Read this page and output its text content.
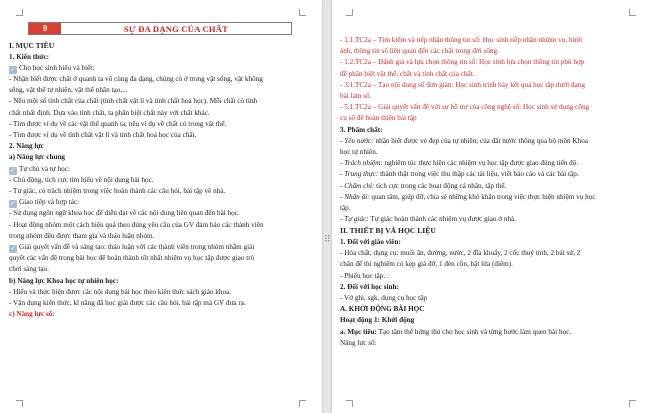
9	SỰ ĐA DẠNG CỦA CHẤT
I. MỤC TIÊU
1. Kiến thức:
✓ Cho học sinh hiểu và biết:
- Nhận biết được chất ở quanh ta vô cùng đa dạng, chúng có ở trong vật sống, vật không
sống, vật thể tự nhiên, vật thể nhân tạo,...
- Nêu một số tính chất của chất (tính chất vật lí và tính chất hoá học). Mỗi chất có tính
chất nhất định. Dựa vào tính chất, ta phân biệt chất này với chất khác.
- Tìm được ví dụ về các vật thể quanh ta, nêu ví dụ về chất có trong vật thể.
- Tìm được ví dụ về tính chất vật lí và tính chất hoá học của chất.
2. Năng lực
a) Năng lực chung
✓ Tự chủ và tự học:
- Chủ động, tích cực tìm hiểu về nội dung bài học.
- Tự giác, có trách nhiệm trong việc hoàn thành các câu hỏi, bài tập về nhà.
✓ Giao tiếp và hợp tác:
- Sử dụng ngôn ngữ khoa học để diễn đạt về các nội dung liên quan đến bài học.
- Hoạt động nhóm một cách hiệu quả theo đúng yêu cầu của GV đảm bảo các thành viên
trong nhóm đều được tham gia và thảo luận nhóm.
✓ Giải quyết vấn đề và sáng tạo: thảo luận với các thành viên trong nhóm nhằm giải
quyết các vấn đề trong bài học để hoàn thành tốt nhất nhiệm vụ học tập được giao trò
chơi sáng tạo.
b) Năng lực Khoa học tự nhiên học:
- Hiểu và thực hiện được các nội dung bài học theo kiến thức sách giáo khoa.
- Vận dụng kiến thức, kĩ năng đã học giải được các câu hỏi, bài tập mà GV đưa ra.
c) Năng lực số:
⠿
- 1.1.TC2a – Tìm kiếm và tiếp nhận thông tin số: Học sinh tiếp nhận nhiệm vụ, hình
ảnh, thông tin số liên quan đến các chất trong đời sống.
- 1.2.TC2a – Đánh giá và lựa chọn thông tin số: Học sinh lựa chọn thông tin phù hợp
để phân biệt vật thể, chất và tính chất của chất.
- 3.1.TC2a – Tạo nội dung số đơn giản: Học sinh trình bày kết quả học tập dưới dạng
bài làm số.
- 5.1.TC2a – Giải quyết vấn đề với sự hỗ trợ của công nghệ số: Học sinh sử dụng công
cụ số để hoàn thiện bài tập
3. Phẩm chất:
- Yêu nước: nhận biết được vẻ đẹp của tự nhiên, của đất nước thông qua bộ môn Khoa
học tự nhiên.
- Trách nhiệm: nghiêm túc thực hiện các nhiệm vụ học tập được giao đúng tiến độ.
- Trung thực: thành thật trong việc thu thập các tài liệu, viết báo cáo và các bài tập.
- Chăm chỉ: tích cực trong các hoạt động cá nhân, tập thể.
- Nhân ái: quan tâm, giúp đỡ, chia sẻ những khó khăn trong việc thực hiện nhiệm vụ học
tập.
- Tự giác: Tự giác hoàn thành các nhiệm vụ được giao ở nhà.
II. THIẾT BỊ VÀ HỌC LIỆU
1. Đối với giáo viên:
- Hóa chất, dụng cụ: muối ăn, đường, nước, 2 đĩa khuấy, 2 cốc thuỷ tinh, 2 bát sứ, 2
chân đế thí nghiệm có kẹp giá đỡ, 1 đèn cồn, bật lửa (diêm).
- Phiếu học tập. :
2. Đối với học sinh:
- Vở ghi, sgk, dụng cụ học tập
A. KHỞI ĐỘNG BÀI HỌC
Hoạt động 1: Khởi động
a. Mục tiêu: Tạo tâm thế hứng thú cho học sinh và từng bước làm quen bài học.
Năng lực số:
